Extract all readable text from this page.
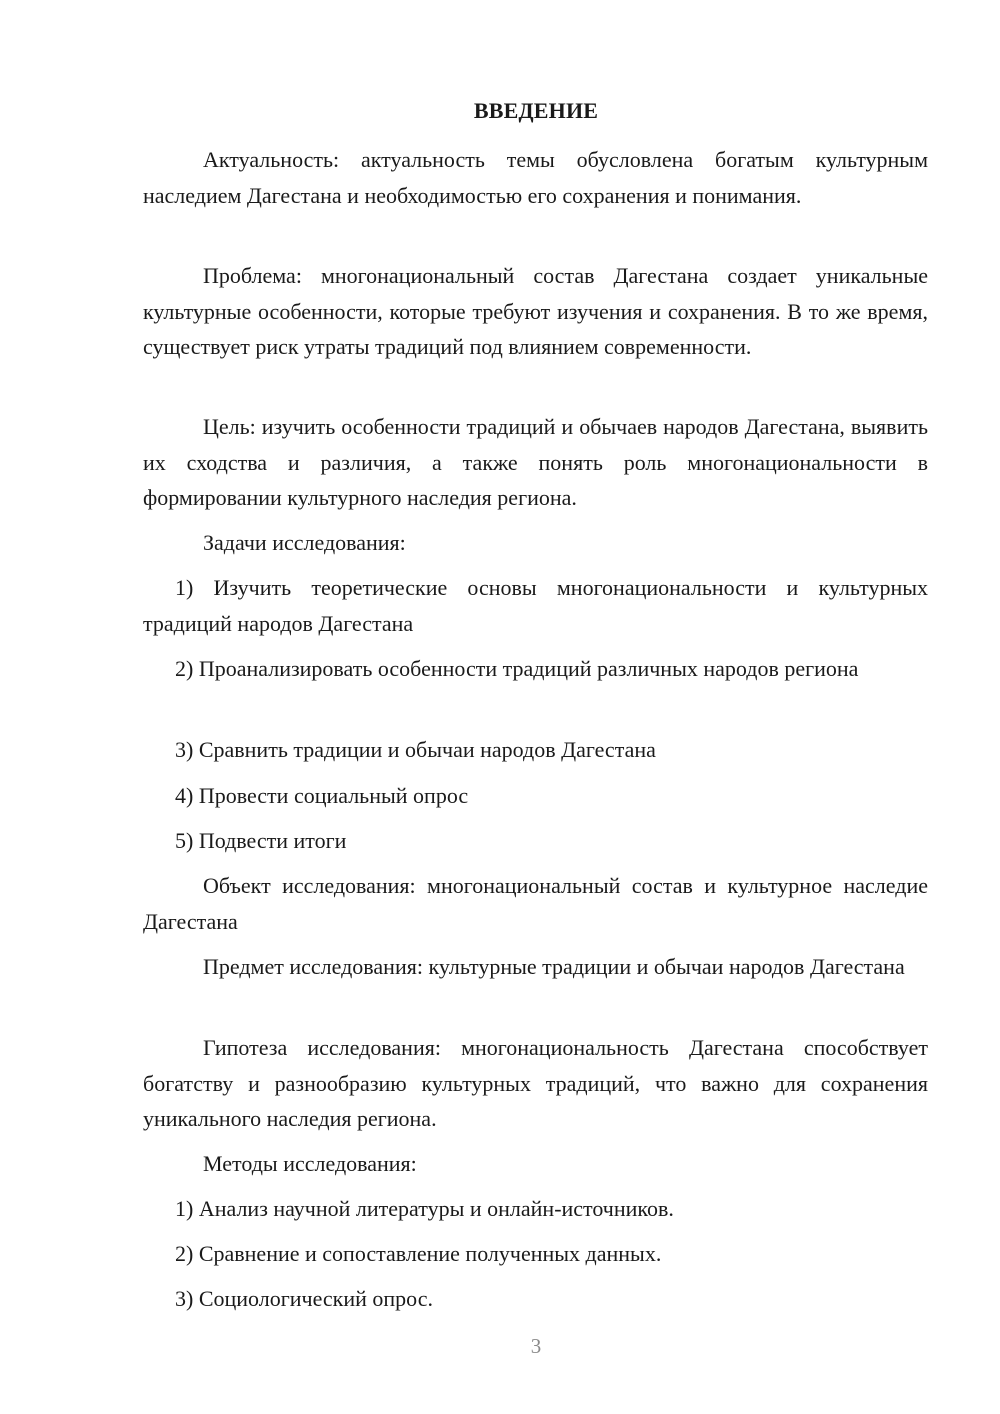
ВВЕДЕНИЕ
Актуальность: актуальность темы обусловлена богатым культурным наследием Дагестана и необходимостью его сохранения и понимания.
Проблема: многонациональный состав Дагестана создает уникальные культурные особенности, которые требуют изучения и сохранения. В то же время, существует риск утраты традиций под влиянием современности.
Цель: изучить особенности традиций и обычаев народов Дагестана, выявить их сходства и различия, а также понять роль многонациональности в формировании культурного наследия региона.
Задачи исследования:
1) Изучить теоретические основы многонациональности и культурных традиций народов Дагестана
2) Проанализировать особенности традиций различных народов региона
3) Сравнить традиции и обычаи народов Дагестана
4) Провести социальный опрос
5) Подвести итоги
Объект исследования: многонациональный состав и культурное наследие Дагестана
Предмет исследования: культурные традиции и обычаи народов Дагестана
Гипотеза исследования: многонациональность Дагестана способствует богатству и разнообразию культурных традиций, что важно для сохранения уникального наследия региона.
Методы исследования:
1) Анализ научной литературы и онлайн-источников.
2) Сравнение и сопоставление полученных данных.
3) Социологический опрос.
3
